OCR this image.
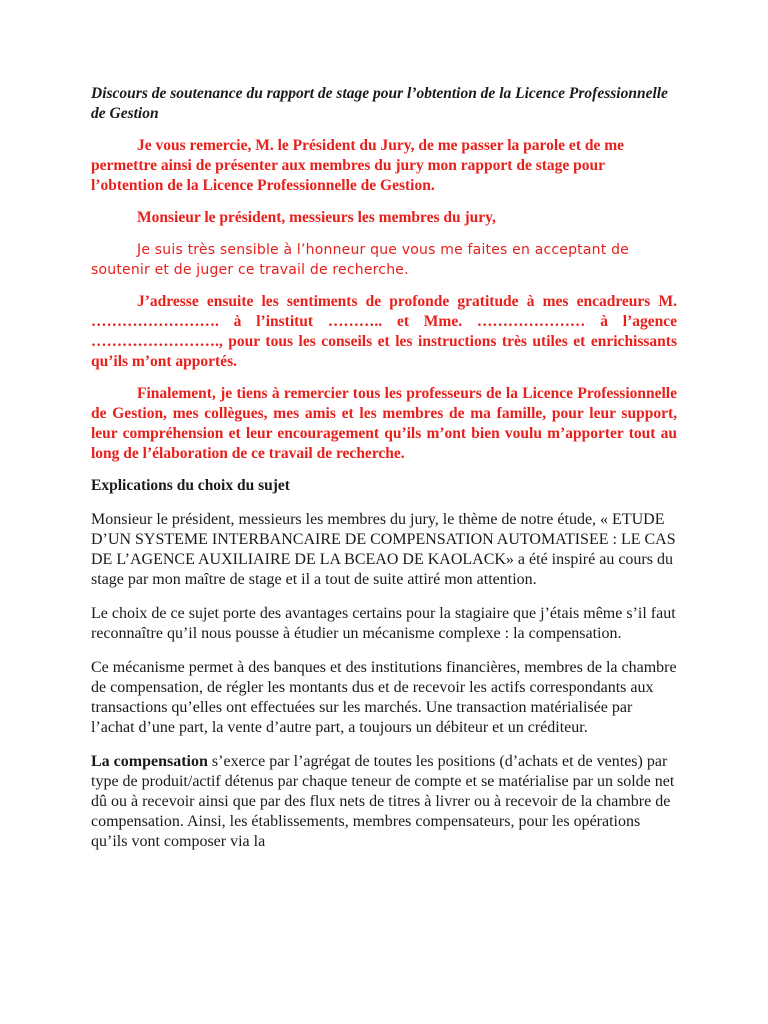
Discours de soutenance du rapport de stage pour l’obtention de la Licence Professionnelle de Gestion

Je vous remercie, M. le Président du Jury, de me passer la parole et de me permettre ainsi de présenter aux membres du jury mon rapport de stage pour l’obtention de la Licence Professionnelle de Gestion.

Monsieur le président, messieurs les membres du jury,

Je suis très sensible à l’honneur que vous me faites en acceptant de soutenir et de juger ce travail de recherche.

J’adresse ensuite les sentiments de profonde gratitude à mes encadreurs M. ……………………. à l’institut ……….. et Mme. ………………… à l’agence ……………………., pour tous les conseils et les instructions très utiles et enrichissants qu’ils m’ont apportés.

Finalement, je tiens à remercier tous les professeurs de la Licence Professionnelle de Gestion, mes collègues, mes amis et les membres de ma famille, pour leur support, leur compréhension et leur encouragement qu’ils m’ont bien voulu m’apporter tout au long de l’élaboration de ce travail de recherche.

Explications du choix du sujet

Monsieur le président, messieurs les membres du jury, le thème de notre étude, « ETUDE D’UN SYSTEME INTERBANCAIRE DE COMPENSATION AUTOMATISEE : LE CAS DE L’AGENCE AUXILIAIRE DE LA BCEAO DE KAOLACK» a été inspiré au cours du stage par mon maître de stage et il a tout de suite attiré mon attention.

Le choix de ce sujet porte des avantages certains pour la stagiaire que j’étais même s’il faut reconnaître qu’il nous pousse à étudier un mécanisme complexe : la compensation.

Ce mécanisme permet à des banques et des institutions financières, membres de la chambre de compensation, de régler les montants dus et de recevoir les actifs correspondants aux transactions qu’elles ont effectuées sur les marchés. Une transaction matérialisée par l’achat d’une part, la vente d’autre part, a toujours un débiteur et un créditeur.

La compensation s’exerce par l’agrégat de toutes les positions (d’achats et de ventes) par type de produit/actif détenus par chaque teneur de compte et se matérialise par un solde net dû ou à recevoir ainsi que par des flux nets de titres à livrer ou à recevoir de la chambre de compensation. Ainsi, les établissements, membres compensateurs, pour les opérations qu’ils vont composer via la
